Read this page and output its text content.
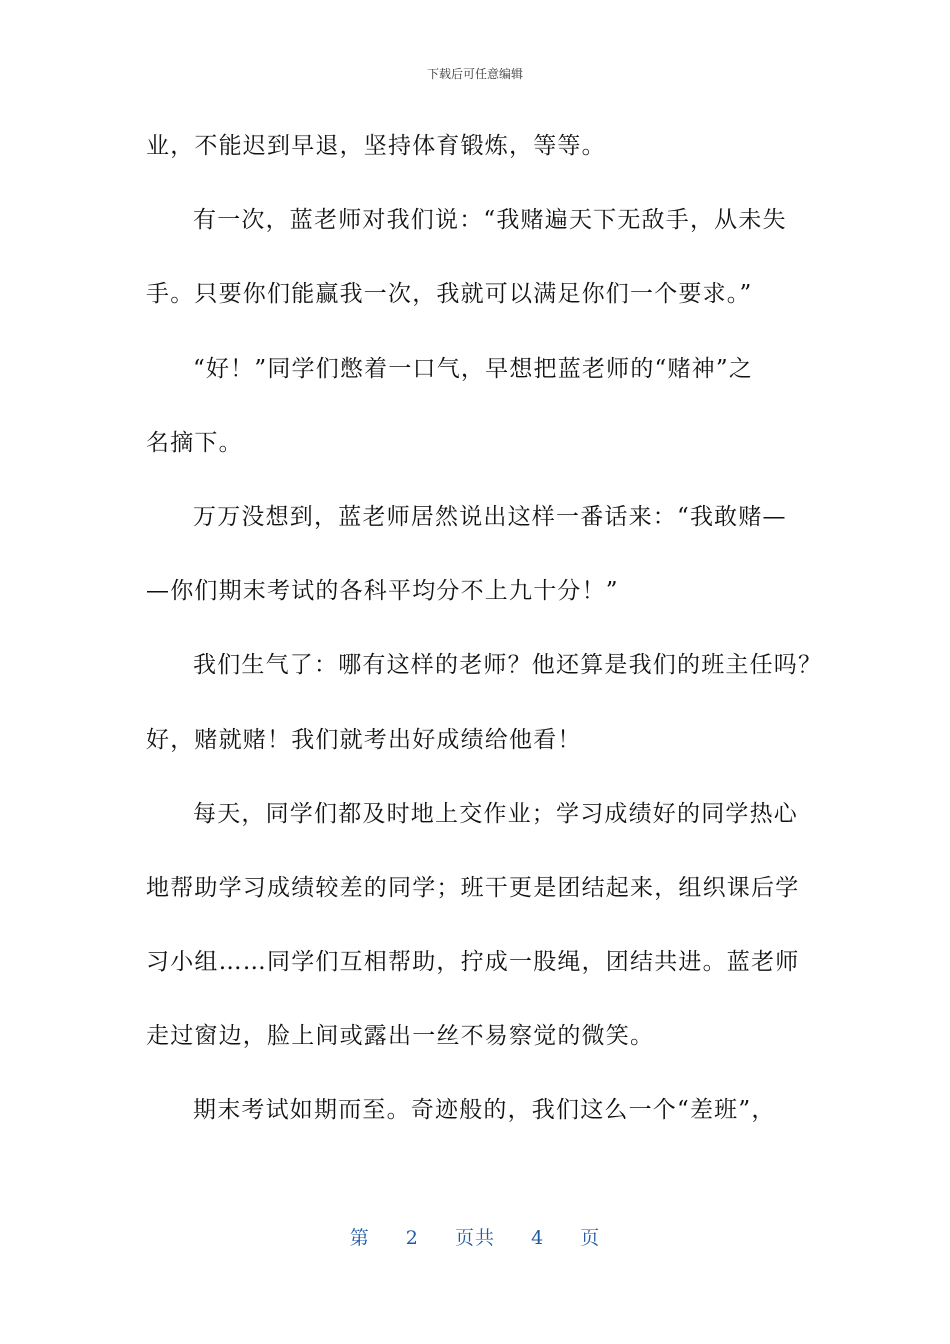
下载后可任意编辑
业，不能迟到早退，坚持体育锻炼，等等。
有一次，蓝老师对我们说：“我赌遍天下无敌手，从未失
手。只要你们能赢我一次，我就可以满足你们一个要求。”
“好！”同学们憋着一口气，早想把蓝老师的“赌神”之
名摘下。
万万没想到，蓝老师居然说出这样一番话来：“我敢赌—
—你们期末考试的各科平均分不上九十分！”
我们生气了：哪有这样的老师？他还算是我们的班主任吗？
好，赌就赌！我们就考出好成绩给他看！
每天，同学们都及时地上交作业；学习成绩好的同学热心
地帮助学习成绩较差的同学；班干更是团结起来，组织课后学
习小组……同学们互相帮助，拧成一股绳，团结共进。蓝老师
走过窗边，脸上间或露出一丝不易察觉的微笑。
期末考试如期而至。奇迹般的，我们这么一个“差班”，
第 2 页共 4 页
